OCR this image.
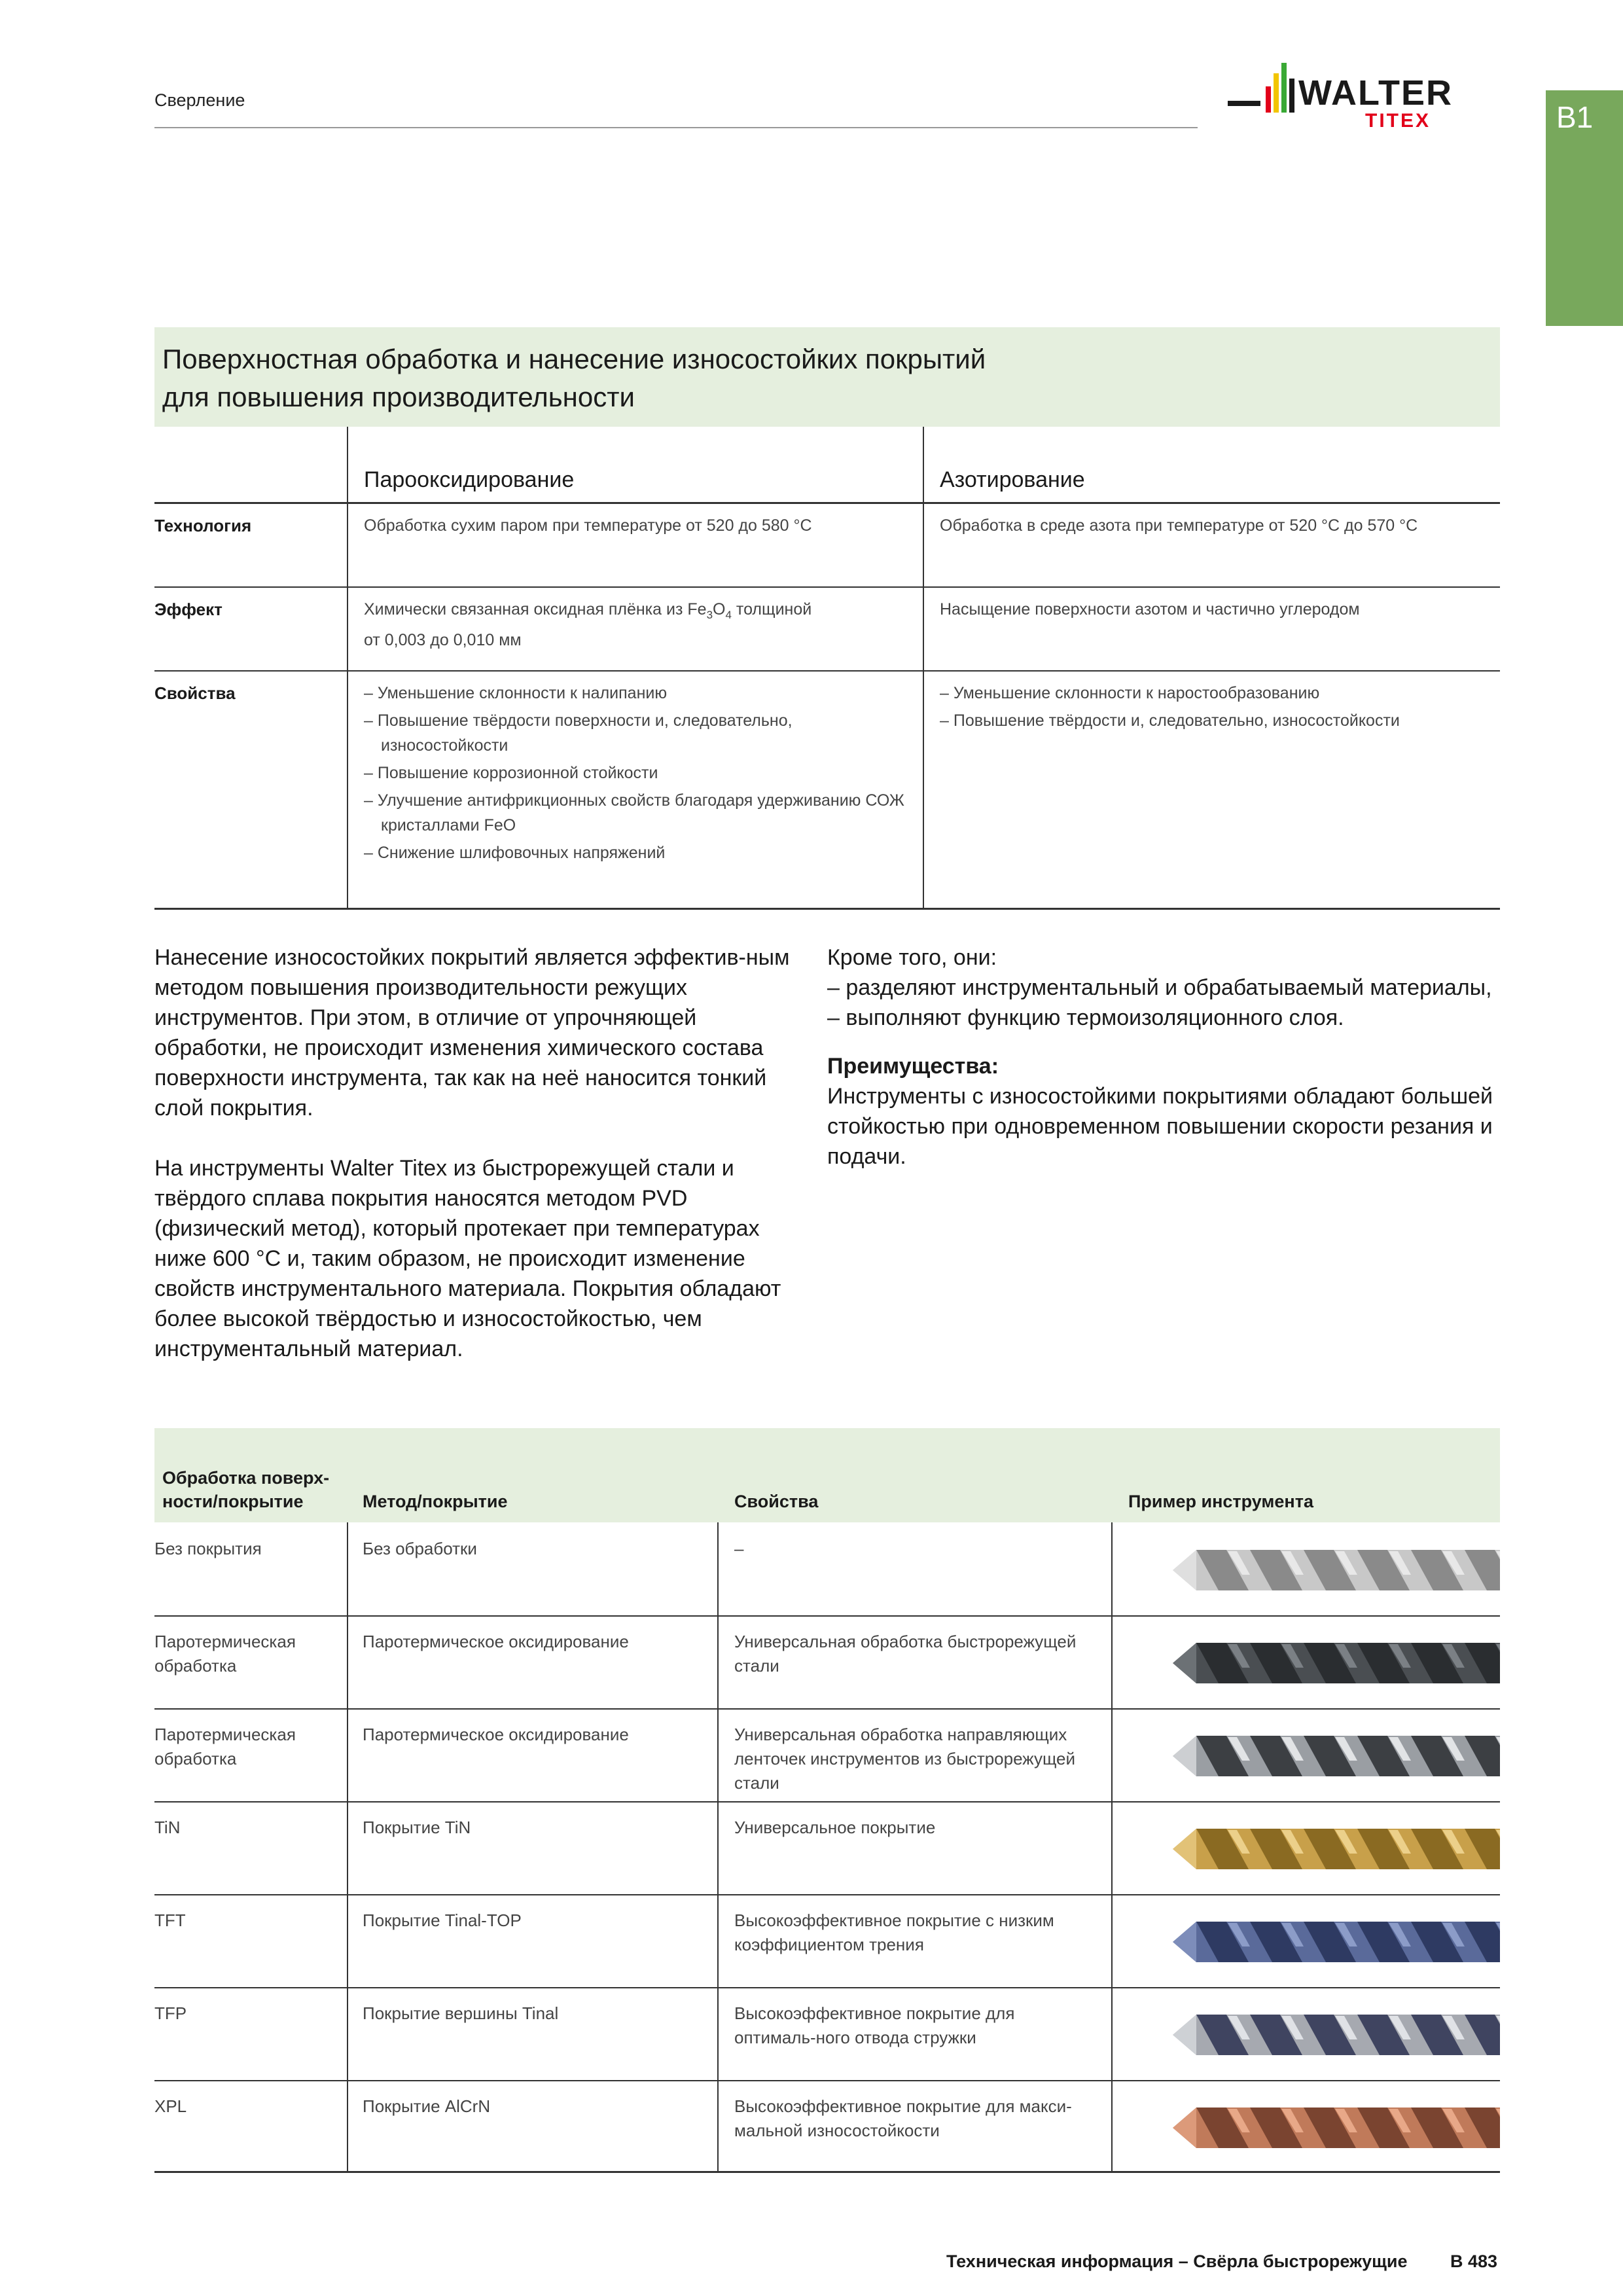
Сверление	WALTER
TITEX	B1
Поверхностная обработка и нанесение износостойких покрытий
для повышения производительности
Парооксидирование	Азотирование
Технология	Обработка сухим паром при температуре от 520 до 580 °C	Обработка в среде азота при температуре от 520 °C до 570 °C
Эффект	Химически связанная оксидная плёнка из $Fe_3O_4$ толщиной
от 0,003 до 0,010 мм
Насыщение поверхности азотом и частично углеродом
Свойства
–	Уменьшение склонности к налипанию
– Повышение твёрдости поверхности и, следовательно, износостойкости
– Повышение коррозионной стойкости
– Улучшение антифрикционных свойств благодаря удерживанию СОЖ кристаллами FeO
– Снижение шлифовочных напряжений
– Уменьшение склонности к наростообразованию
– Повышение твёрдости и, следовательно, износостойкости

Нанесение износостойких покрытий является эффектив-ным методом повышения производительности режущих инструментов. При этом, в отличие от упрочняющей обработки, не происходит изменения химического состава поверхности инструмента, так как на неё наносится тонкий слой покрытия.

На инструменты Walter Titex из быстрорежущей стали и твёрдого сплава покрытия наносятся методом PVD (физический метод), который протекает при температурах ниже 600 °C и, таким образом, не происходит изменение свойств инструментального материала. Покрытия обладают более высокой твёрдостью и износостойкостью, чем инструментальный материал.

Кроме того, они:
– разделяют инструментальный и обрабатываемый материалы,
– выполняют функцию термоизоляционного слоя.
Преимущества:
Инструменты с износостойкими покрытиями обладают большей стойкостью при одновременном повышении скорости резания и подачи.
Обработка поверх-
ности/покрытие	Метод/покрытие	Свойства	Пример инструмента
Без покрытия	Без обработки	–
Паротермическая обработка
Паротермическое оксидирование	Универсальная обработка быстрорежущей стали
Паротермическая обработка
Паротермическое оксидирование	Универсальная обработка направляющих ленточек инструментов из быстрорежущей стали
TiN	Покрытие TiN	Универсальное покрытие
TFT	Покрытие Tinal-TOP	Высокоэффективное покрытие с низким коэффициентом трения
TFP	Покрытие вершины Tinal	Высокоэффективное покрытие для оптималь-ного отвода стружки
XPL	Покрытие AlCrN	Высокоэффективное покрытие для макси-мальной износостойкости
Техническая информация – Свёрла быстрорежущие B 483
